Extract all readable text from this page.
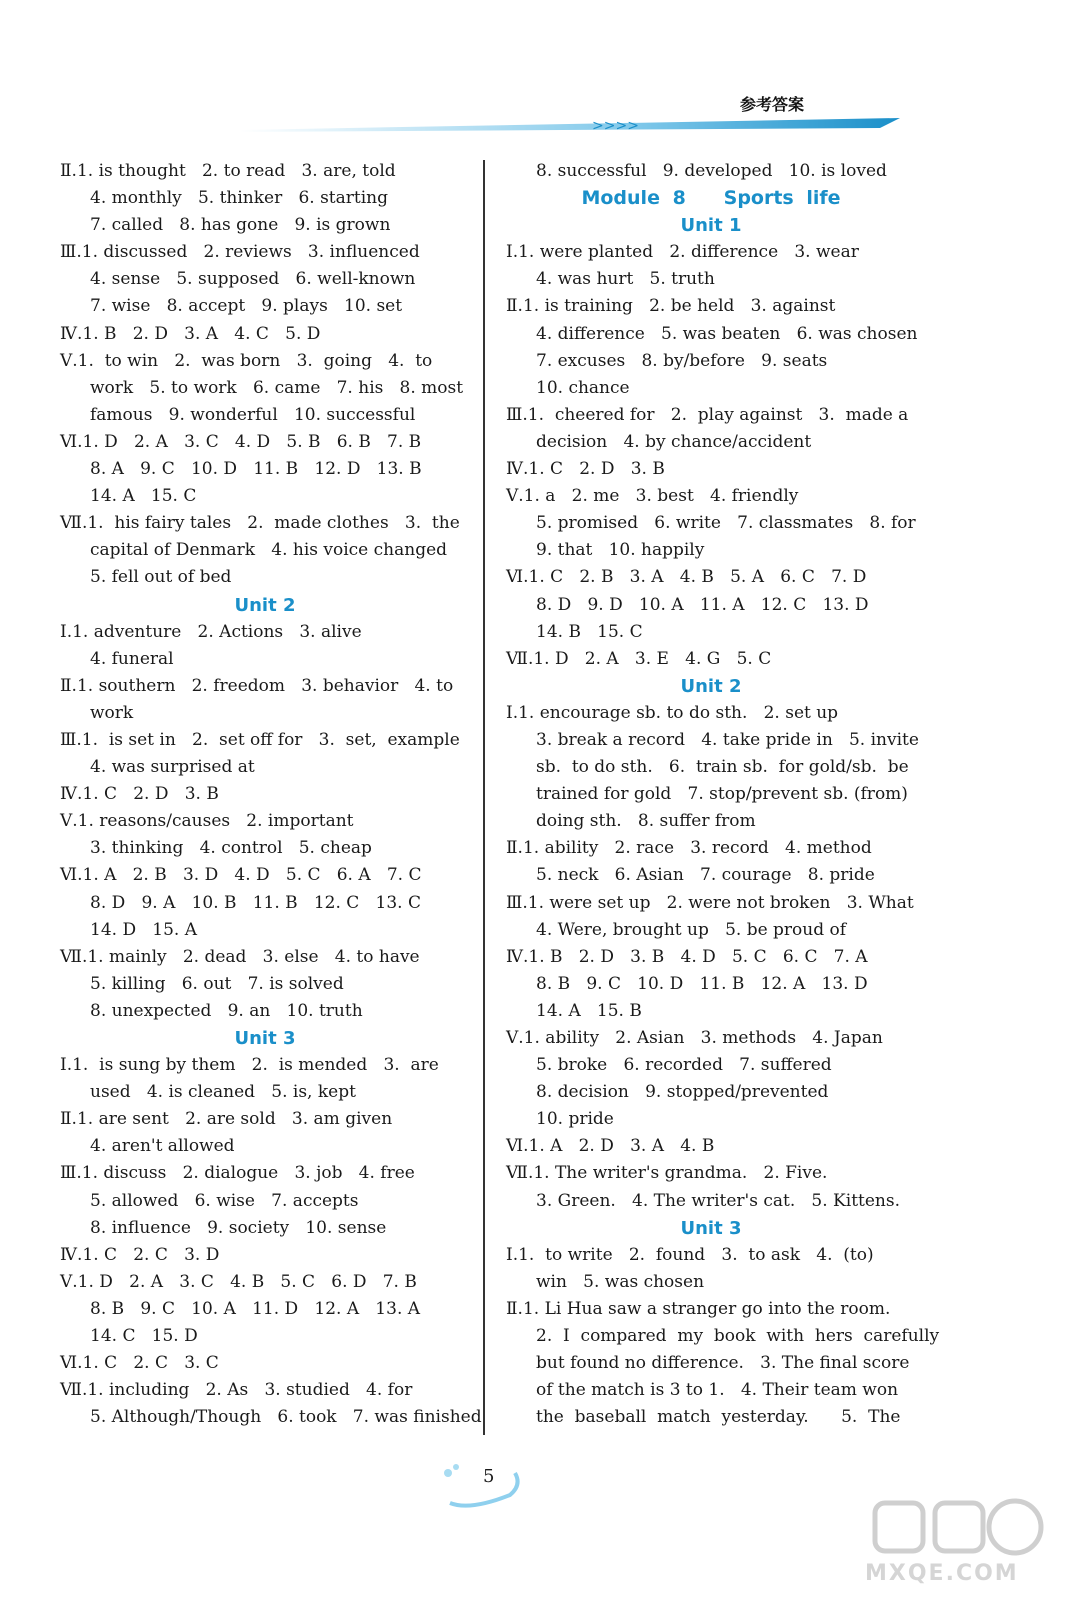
参考答案
>>>>
Ⅱ.1. is thought   2. to read   3. are, told
4. monthly   5. thinker   6. starting
7. called   8. has gone   9. is grown
Ⅲ.1. discussed   2. reviews   3. influenced
4. sense   5. supposed   6. well-known
7. wise   8. accept   9. plays   10. set
Ⅳ.1. B   2. D   3. A   4. C   5. D
Ⅴ.1.  to win   2.  was born   3.  going   4.  to
work   5. to work   6. came   7. his   8. most
famous   9. wonderful   10. successful
Ⅵ.1. D   2. A   3. C   4. D   5. B   6. B   7. B
8. A   9. C   10. D   11. B   12. D   13. B
14. A   15. C
Ⅶ.1.  his fairy tales   2.  made clothes   3.  the
capital of Denmark   4. his voice changed
5. fell out of bed
Unit 2
Ⅰ.1. adventure   2. Actions   3. alive
4. funeral
Ⅱ.1. southern   2. freedom   3. behavior   4. to
work
Ⅲ.1.  is set in   2.  set off for   3.  set,  example
4. was surprised at
Ⅳ.1. C   2. D   3. B
Ⅴ.1. reasons/causes   2. important
3. thinking   4. control   5. cheap
Ⅵ.1. A   2. B   3. D   4. D   5. C   6. A   7. C
8. D   9. A   10. B   11. B   12. C   13. C
14. D   15. A
Ⅶ.1. mainly   2. dead   3. else   4. to have
5. killing   6. out   7. is solved
8. unexpected   9. an   10. truth
Unit 3
Ⅰ.1.  is sung by them   2.  is mended   3.  are
used   4. is cleaned   5. is, kept
Ⅱ.1. are sent   2. are sold   3. am given
4. aren't allowed
Ⅲ.1. discuss   2. dialogue   3. job   4. free
5. allowed   6. wise   7. accepts
8. influence   9. society   10. sense
Ⅳ.1. C   2. C   3. D
Ⅴ.1. D   2. A   3. C   4. B   5. C   6. D   7. B
8. B   9. C   10. A   11. D   12. A   13. A
14. C   15. D
Ⅵ.1. C   2. C   3. C
Ⅶ.1. including   2. As   3. studied   4. for
5. Although/Though   6. took   7. was finished
8. successful   9. developed   10. is loved
Module 8   Sports life
Unit 1
Ⅰ.1. were planted   2. difference   3. wear
4. was hurt   5. truth
Ⅱ.1. is training   2. be held   3. against
4. difference   5. was beaten   6. was chosen
7. excuses   8. by/before   9. seats
10. chance
Ⅲ.1.  cheered for   2.  play against   3.  made a
decision   4. by chance/accident
Ⅳ.1. C   2. D   3. B
Ⅴ.1. a   2. me   3. best   4. friendly
5. promised   6. write   7. classmates   8. for
9. that   10. happily
Ⅵ.1. C   2. B   3. A   4. B   5. A   6. C   7. D
8. D   9. D   10. A   11. A   12. C   13. D
14. B   15. C
Ⅶ.1. D   2. A   3. E   4. G   5. C
Unit 2
Ⅰ.1. encourage sb. to do sth.   2. set up
3. break a record   4. take pride in   5. invite
sb.  to do sth.   6.  train sb.  for gold/sb.  be
trained for gold   7. stop/prevent sb. (from)
doing sth.   8. suffer from
Ⅱ.1. ability   2. race   3. record   4. method
5. neck   6. Asian   7. courage   8. pride
Ⅲ.1. were set up   2. were not broken   3. What
4. Were, brought up   5. be proud of
Ⅳ.1. B   2. D   3. B   4. D   5. C   6. C   7. A
8. B   9. C   10. D   11. B   12. A   13. D
14. A   15. B
Ⅴ.1. ability   2. Asian   3. methods   4. Japan
5. broke   6. recorded   7. suffered
8. decision   9. stopped/prevented
10. pride
Ⅵ.1. A   2. D   3. A   4. B
Ⅶ.1. The writer's grandma.   2. Five.
3. Green.   4. The writer's cat.   5. Kittens.
Unit 3
Ⅰ.1.  to write   2.  found   3.  to ask   4.  (to)
win   5. was chosen
Ⅱ.1. Li Hua saw a stranger go into the room.
2.  I  compared  my  book  with  hers  carefully
but found no difference.   3. The final score
of the match is 3 to 1.   4. Their team won
the  baseball  match  yesterday.      5.  The
5
MXQE.COM
